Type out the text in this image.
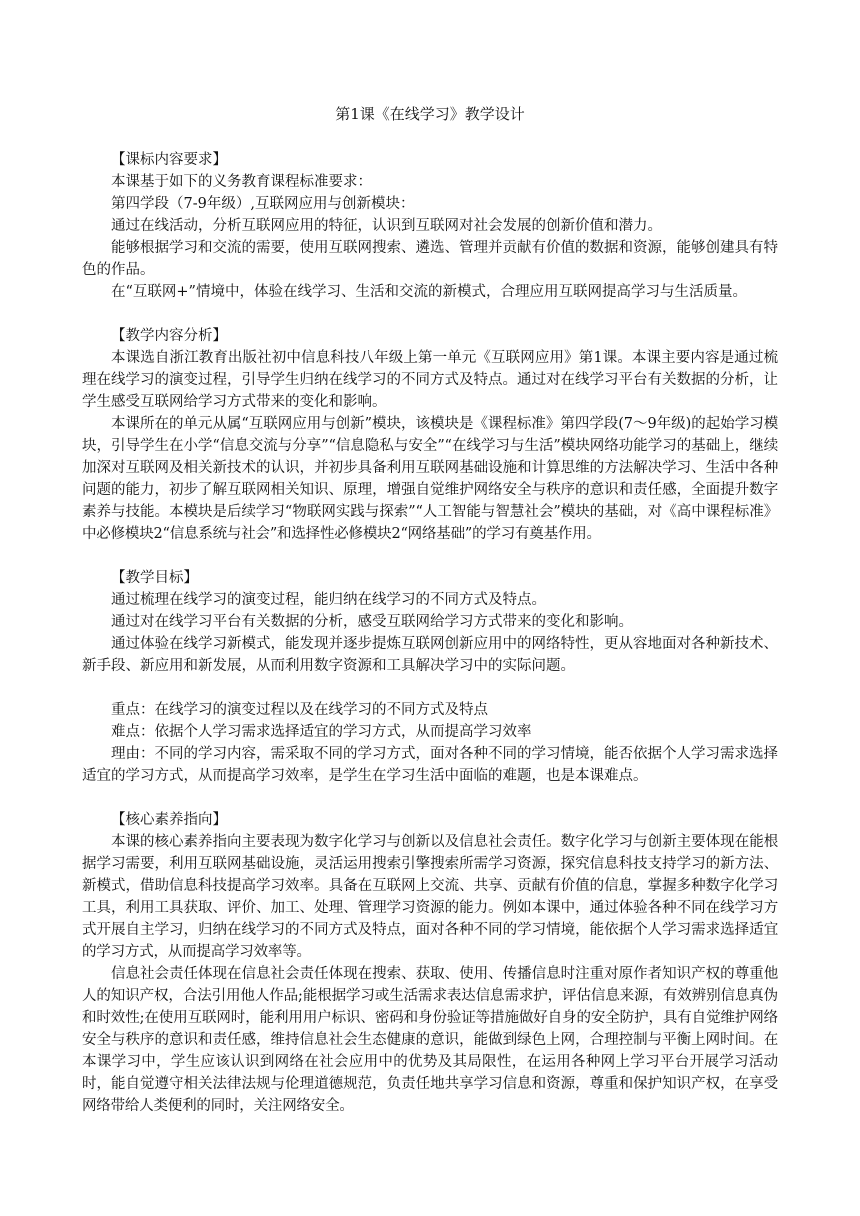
第1课《在线学习》教学设计

【课标内容要求】

本课基于如下的义务教育课程标准要求：

第四学段（7-9年级）,互联网应用与创新模块：

通过在线活动，分析互联网应用的特征，认识到互联网对社会发展的创新价值和潜力。

能够根据学习和交流的需要，使用互联网搜索、遴选、管理并贡献有价值的数据和资源，能够创建具有特色的作品。

在“互联网+”情境中，体验在线学习、生活和交流的新模式，合理应用互联网提高学习与生活质量。

【教学内容分析】

本课选自浙江教育出版社初中信息科技八年级上第一单元《互联网应用》第1课。本课主要内容是通过梳理在线学习的演变过程，引导学生归纳在线学习的不同方式及特点。通过对在线学习平台有关数据的分析，让学生感受互联网给学习方式带来的变化和影响。

本课所在的单元从属“互联网应用与创新”模块，该模块是《课程标准》第四学段(7～9年级)的起始学习模块，引导学生在小学“信息交流与分享”“信息隐私与安全”“在线学习与生活”模块网络功能学习的基础上，继续加深对互联网及相关新技术的认识，并初步具备利用互联网基础设施和计算思维的方法解决学习、生活中各种问题的能力，初步了解互联网相关知识、原理，增强自觉维护网络安全与秩序的意识和责任感，全面提升数字素养与技能。本模块是后续学习“物联网实践与探索”“人工智能与智慧社会”模块的基础，对《高中课程标准》中必修模块2“信息系统与社会”和选择性必修模块2“网络基础”的学习有奠基作用。

【教学目标】

通过梳理在线学习的演变过程，能归纳在线学习的不同方式及特点。

通过对在线学习平台有关数据的分析，感受互联网给学习方式带来的变化和影响。

通过体验在线学习新模式，能发现并逐步提炼互联网创新应用中的网络特性，更从容地面对各种新技术、新手段、新应用和新发展，从而利用数字资源和工具解决学习中的实际问题。

重点：在线学习的演变过程以及在线学习的不同方式及特点

难点：依据个人学习需求选择适宜的学习方式，从而提高学习效率

理由：不同的学习内容，需采取不同的学习方式，面对各种不同的学习情境，能否依据个人学习需求选择适宜的学习方式，从而提高学习效率，是学生在学习生活中面临的难题，也是本课难点。

【核心素养指向】

本课的核心素养指向主要表现为数字化学习与创新以及信息社会责任。数字化学习与创新主要体现在能根据学习需要，利用互联网基础设施，灵活运用搜索引擎搜索所需学习资源，探究信息科技支持学习的新方法、新模式，借助信息科技提高学习效率。具备在互联网上交流、共享、贡献有价值的信息，掌握多种数字化学习工具，利用工具获取、评价、加工、处理、管理学习资源的能力。例如本课中，通过体验各种不同在线学习方式开展自主学习，归纳在线学习的不同方式及特点，面对各种不同的学习情境，能依据个人学习需求选择适宜的学习方式，从而提高学习效率等。

信息社会责任体现在信息社会责任体现在搜索、获取、使用、传播信息时注重对原作者知识产权的尊重他人的知识产权，合法引用他人作品;能根据学习或生活需求表达信息需求护，评估信息来源，有效辨别信息真伪和时效性;在使用互联网时，能利用用户标识、密码和身份验证等措施做好自身的安全防护，具有自觉维护网络安全与秩序的意识和责任感，维持信息社会生态健康的意识，能做到绿色上网，合理控制与平衡上网时间。在本课学习中，学生应该认识到网络在社会应用中的优势及其局限性，在运用各种网上学习平台开展学习活动时，能自觉遵守相关法律法规与伦理道德规范，负责任地共享学习信息和资源，尊重和保护知识产权，在享受网络带给人类便利的同时，关注网络安全。
